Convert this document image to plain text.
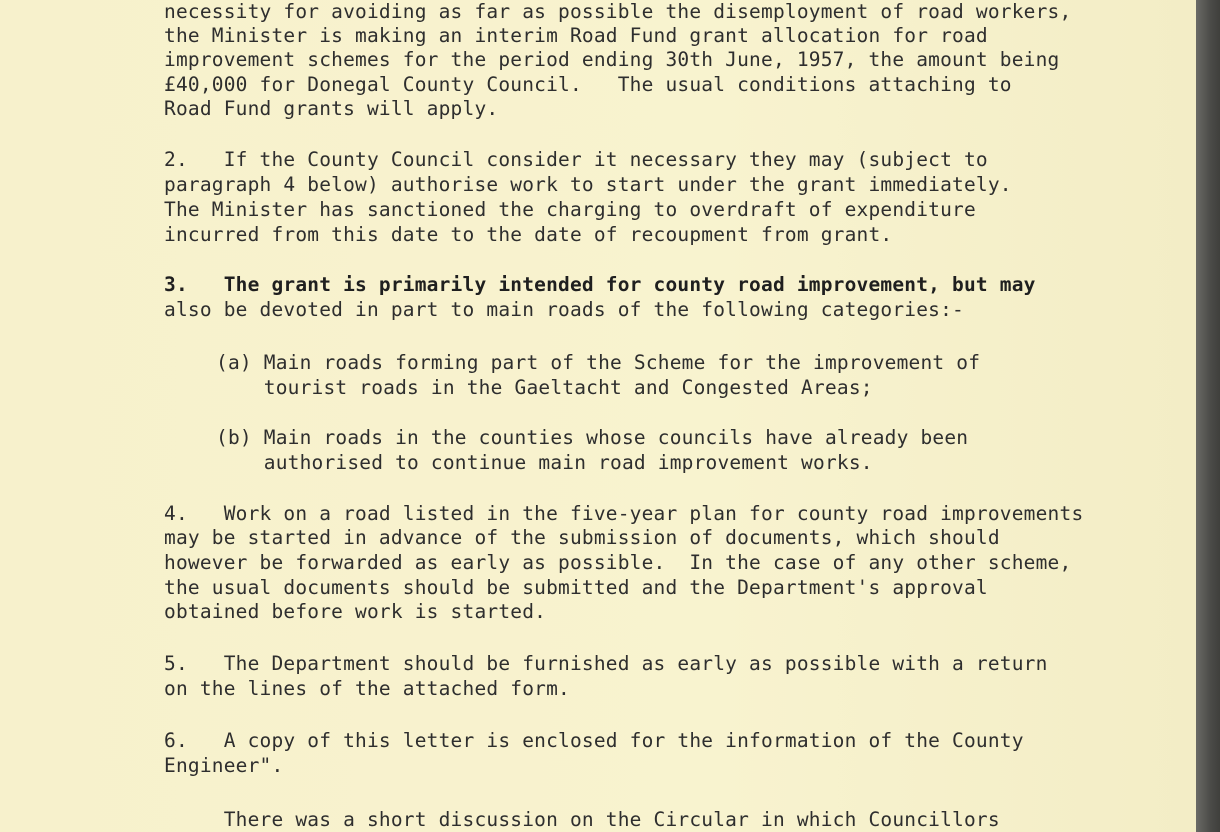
necessity for avoiding as far as possible the disemployment of road workers,
the Minister is making an interim Road Fund grant allocation for road
improvement schemes for the period ending 30th June, 1957, the amount being
£40,000 for Donegal County Council.   The usual conditions attaching to
Road Fund grants will apply.
2.   If the County Council consider it necessary they may (subject to
paragraph 4 below) authorise work to start under the grant immediately.
The Minister has sanctioned the charging to overdraft of expenditure
incurred from this date to the date of recoupment from grant.
3.   The grant is primarily intended for county road improvement, but may
also be devoted in part to main roads of the following categories:-
(a) Main roads forming part of the Scheme for the improvement of
tourist roads in the Gaeltacht and Congested Areas;
(b) Main roads in the counties whose councils have already been
authorised to continue main road improvement works.
4.   Work on a road listed in the five-year plan for county road improvements
may be started in advance of the submission of documents, which should
however be forwarded as early as possible.  In the case of any other scheme,
the usual documents should be submitted and the Department's approval
obtained before work is started.
5.   The Department should be furnished as early as possible with a return
on the lines of the attached form.
6.   A copy of this letter is enclosed for the information of the County
Engineer".
There was a short discussion on the Circular in which Councillors
